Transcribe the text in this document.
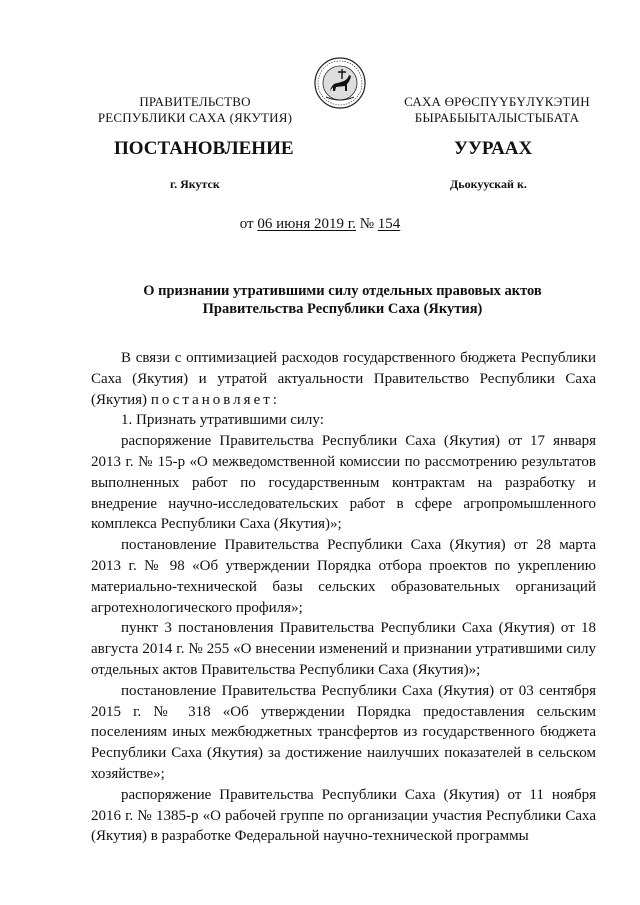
ПРАВИТЕЛЬСТВО
РЕСПУБЛИКИ САХА (ЯКУТИЯ)
САХА ӨРӨСПҮҮБҮЛҮКЭТИН
БЫРАБЫЫТАЛЫСТЫБАТА
ПОСТАНОВЛЕНИЕ	УУРААХ
г. Якутск	Дьокуускай к.
от 06 июня 2019 г. № 154
О признании утратившими силу отдельных правовых актов
Правительства Республики Саха (Якутия)

В связи с оптимизацией расходов государственного бюджета Республики Саха (Якутия) и утратой актуальности Правительство Республики Саха (Якутия) постановляет:

1. Признать утратившими силу:

распоряжение Правительства Республики Саха (Якутия) от 17 января 2013 г. № 15-р «О межведомственной комиссии по рассмотрению результатов выполненных работ по государственным контрактам на разработку и внедрение научно-исследовательских работ в сфере агропромышленного комплекса Республики Саха (Якутия)»;

постановление Правительства Республики Саха (Якутия) от 28 марта 2013 г. № 98 «Об утверждении Порядка отбора проектов по укреплению материально-технической базы сельских образовательных организаций агротехнологического профиля»;

пункт 3 постановления Правительства Республики Саха (Якутия) от 18 августа 2014 г. № 255 «О внесении изменений и признании утратившими силу отдельных актов Правительства Республики Саха (Якутия)»;

постановление Правительства Республики Саха (Якутия) от 03 сентября 2015 г. № 318 «Об утверждении Порядка предоставления сельским поселениям иных межбюджетных трансфертов из государственного бюджета Республики Саха (Якутия) за достижение наилучших показателей в сельском хозяйстве»;

распоряжение Правительства Республики Саха (Якутия) от 11 ноября 2016 г. № 1385-р «О рабочей группе по организации участия Республики Саха (Якутия) в разработке Федеральной научно-технической программы
